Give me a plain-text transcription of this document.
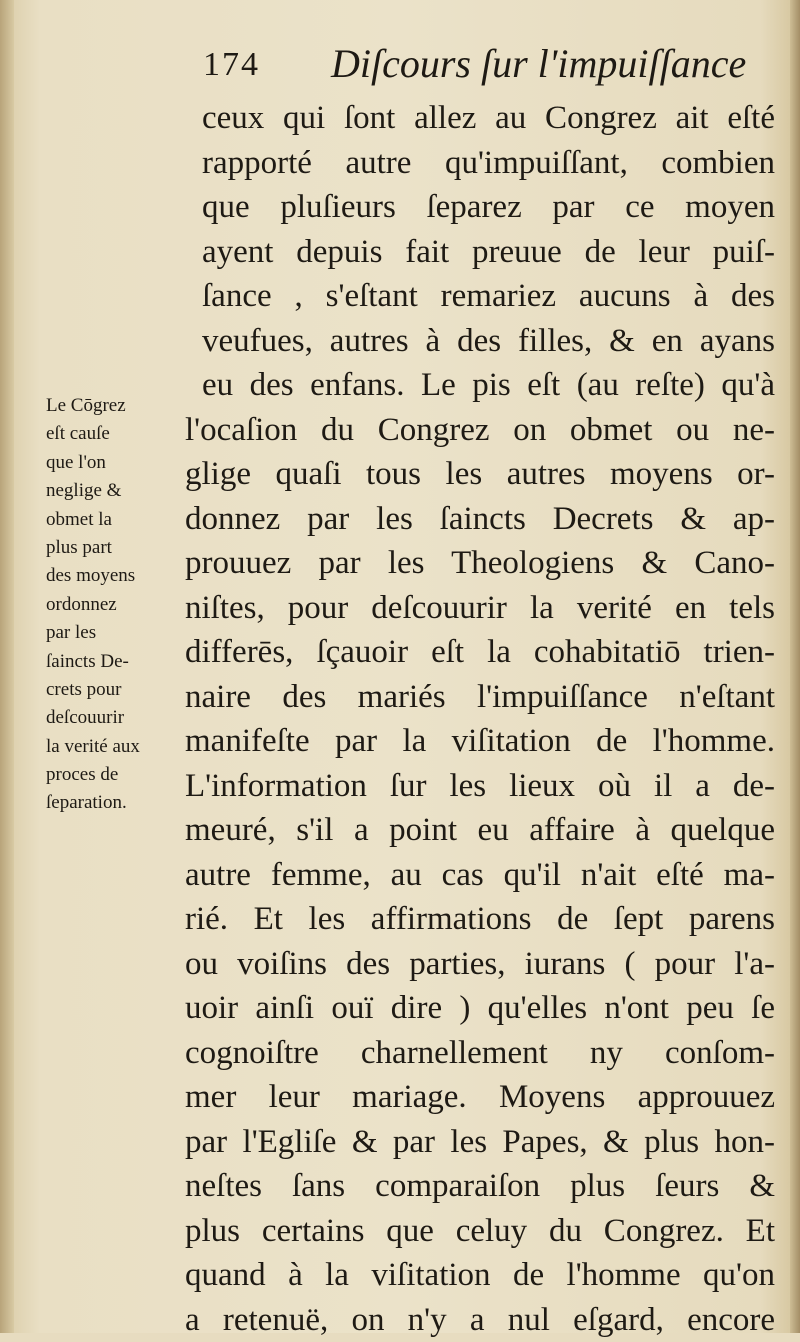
174 Diſcours ſur l'impuiſſance
ceux qui ſont allez au Congrez ait eſté
rapporté autre qu'impuiſſant, combien
que pluſieurs ſeparez par ce moyen
ayent depuis fait preuue de leur puiſ-
ſance , s'eſtant remariez aucuns à des
veufues, autres à des filles, & en ayans
eu des enfans. Le pis eſt (au reſte) qu'à
l'ocaſion du Congrez on obmet ou ne-
glige quaſi tous les autres moyens or-
donnez par les ſaincts Decrets & ap-
prouuez par les Theologiens & Cano-
niſtes, pour deſcouurir la verité en tels
differēs, ſçauoir eſt la cohabitatiō trien-
naire des mariés l'impuiſſance n'eſtant
manifeſte par la viſitation de l'homme.
L'information ſur les lieux où il a de-
meuré, s'il a point eu affaire à quelque
autre femme, au cas qu'il n'ait eſté ma-
rié. Et les affirmations de ſept parens
ou voiſins des parties, iurans ( pour l'a-
uoir ainſi ouï dire ) qu'elles n'ont peu ſe
cognoiſtre charnellement ny conſom-
mer leur mariage. Moyens approuuez
par l'Egliſe & par les Papes, & plus hon-
neſtes ſans comparaiſon plus ſeurs &
plus certains que celuy du Congrez. Et
quand à la viſitation de l'homme qu'on
a retenuë, on n'y a nul eſgard, encore
Le Cōgrez
eſt cauſe
que l'on
neglige &
obmet la
plus part
des moyens
ordonnez
par les
ſaincts De-
crets pour
deſcouurir
la verité aux
proces de
ſeparation.
